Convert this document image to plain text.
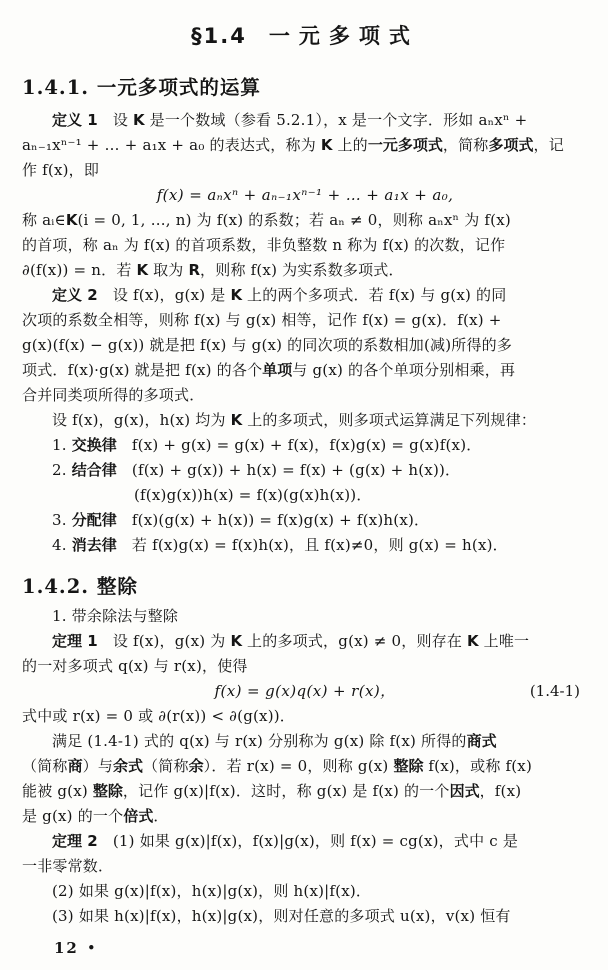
§1.4 一元多项式
1.4.1. 一元多项式的运算
定义 1　设 K 是一个数域（参看 5.2.1），x 是一个文字．形如 aₙxⁿ +
aₙ₋₁xⁿ⁻¹ + … + a₁x + a₀ 的表达式，称为 K 上的一元多项式，简称多项式，记
作 f(x)，即
f(x) = aₙxⁿ + aₙ₋₁xⁿ⁻¹ + … + a₁x + a₀,
称 aᵢ∈K(i = 0, 1, …, n) 为 f(x) 的系数；若 aₙ ≠ 0，则称 aₙxⁿ 为 f(x)
的首项，称 aₙ 为 f(x) 的首项系数，非负整数 n 称为 f(x) 的次数，记作
∂(f(x)) = n．若 K 取为 R，则称 f(x) 为实系数多项式．
定义 2　设 f(x)，g(x) 是 K 上的两个多项式．若 f(x) 与 g(x) 的同
次项的系数全相等，则称 f(x) 与 g(x) 相等，记作 f(x) = g(x)．f(x) +
g(x)(f(x) − g(x)) 就是把 f(x) 与 g(x) 的同次项的系数相加(减)所得的多
项式．f(x)·g(x) 就是把 f(x) 的各个单项与 g(x) 的各个单项分别相乘，再
合并同类项所得的多项式．
设 f(x)，g(x)，h(x) 均为 K 上的多项式，则多项式运算满足下列规律：
1. 交换律　f(x) + g(x) = g(x) + f(x)，f(x)g(x) = g(x)f(x)．
2. 结合律　(f(x) + g(x)) + h(x) = f(x) + (g(x) + h(x))．
(f(x)g(x))h(x) = f(x)(g(x)h(x))．
3. 分配律　f(x)(g(x) + h(x)) = f(x)g(x) + f(x)h(x)．
4. 消去律　若 f(x)g(x) = f(x)h(x)，且 f(x)≠0，则 g(x) = h(x)．
1.4.2. 整除
1. 带余除法与整除
定理 1　设 f(x)，g(x) 为 K 上的多项式，g(x) ≠ 0，则存在 K 上唯一
的一对多项式 q(x) 与 r(x)，使得
f(x) = g(x)q(x) + r(x)，	(1.4-1)
式中或 r(x) = 0 或 ∂(r(x)) < ∂(g(x))．
满足 (1.4-1) 式的 q(x) 与 r(x) 分别称为 g(x) 除 f(x) 所得的商式
（简称商）与余式（简称余）．若 r(x) = 0，则称 g(x) 整除 f(x)，或称 f(x)
能被 g(x) 整除，记作 g(x)|f(x)．这时，称 g(x) 是 f(x) 的一个因式，f(x)
是 g(x) 的一个倍式．
定理 2　(1) 如果 g(x)|f(x)，f(x)|g(x)，则 f(x) = cg(x)，式中 c 是
一非零常数．
(2) 如果 g(x)|f(x)，h(x)|g(x)，则 h(x)|f(x)．
(3) 如果 h(x)|f(x)，h(x)|g(x)，则对任意的多项式 u(x)，v(x) 恒有
12 •
